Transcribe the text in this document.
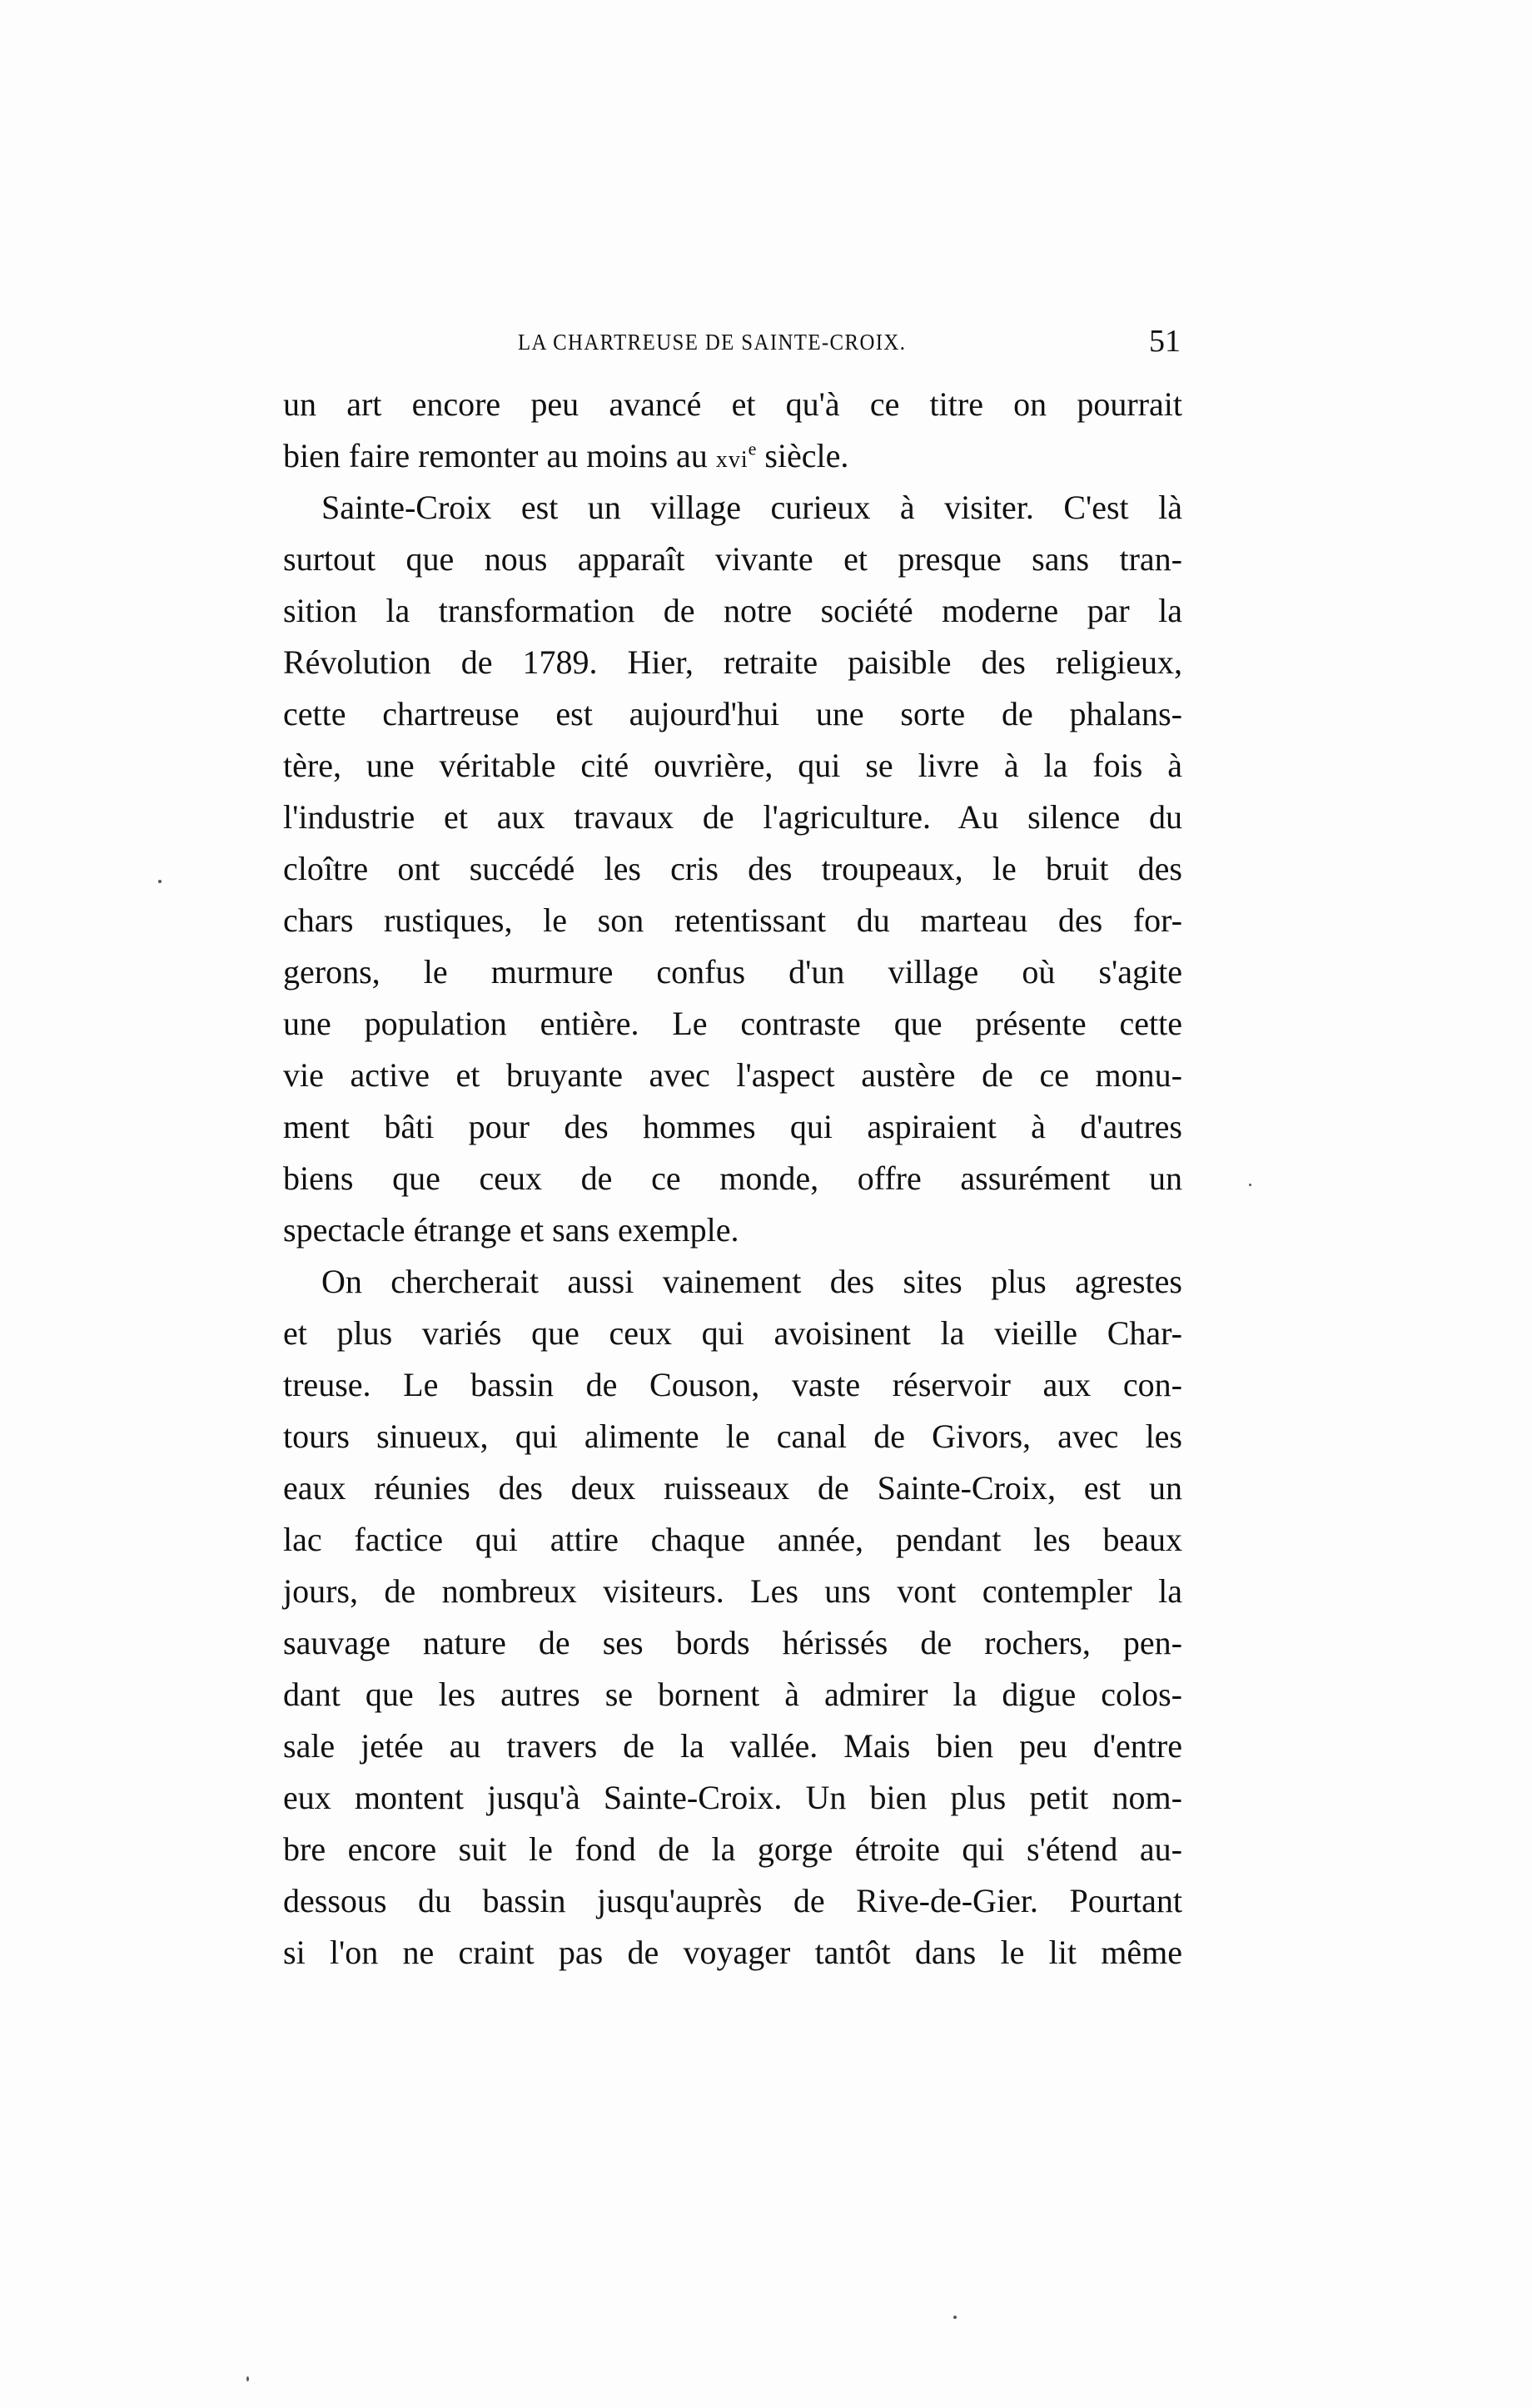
LA CHARTREUSE DE SAINTE-CROIX.	51
un art encore peu avancé et qu'à ce titre on pourrait
bien faire remonter au moins au xvi$^e$ siècle.
Sainte-Croix est un village curieux à visiter. C'est là
surtout que nous apparaît vivante et presque sans tran-
sition la transformation de notre société moderne par la
Révolution de 1789. Hier, retraite paisible des religieux,
cette chartreuse est aujourd'hui une sorte de phalans-
tère, une véritable cité ouvrière, qui se livre à la fois à
l'industrie et aux travaux de l'agriculture. Au silence du
cloître ont succédé les cris des troupeaux, le bruit des
chars rustiques, le son retentissant du marteau des for-
gerons, le murmure confus d'un village où s'agite
une population entière. Le contraste que présente cette
vie active et bruyante avec l'aspect austère de ce monu-
ment bâti pour des hommes qui aspiraient à d'autres
biens que ceux de ce monde, offre assurément un
spectacle étrange et sans exemple.
On chercherait aussi vainement des sites plus agrestes
et plus variés que ceux qui avoisinent la vieille Char-
treuse. Le bassin de Couson, vaste réservoir aux con-
tours sinueux, qui alimente le canal de Givors, avec les
eaux réunies des deux ruisseaux de Sainte-Croix, est un
lac factice qui attire chaque année, pendant les beaux
jours, de nombreux visiteurs. Les uns vont contempler la
sauvage nature de ses bords hérissés de rochers, pen-
dant que les autres se bornent à admirer la digue colos-
sale jetée au travers de la vallée. Mais bien peu d'entre
eux montent jusqu'à Sainte-Croix. Un bien plus petit nom-
bre encore suit le fond de la gorge étroite qui s'étend au-
dessous du bassin jusqu'auprès de Rive-de-Gier. Pourtant
si l'on ne craint pas de voyager tantôt dans le lit même
